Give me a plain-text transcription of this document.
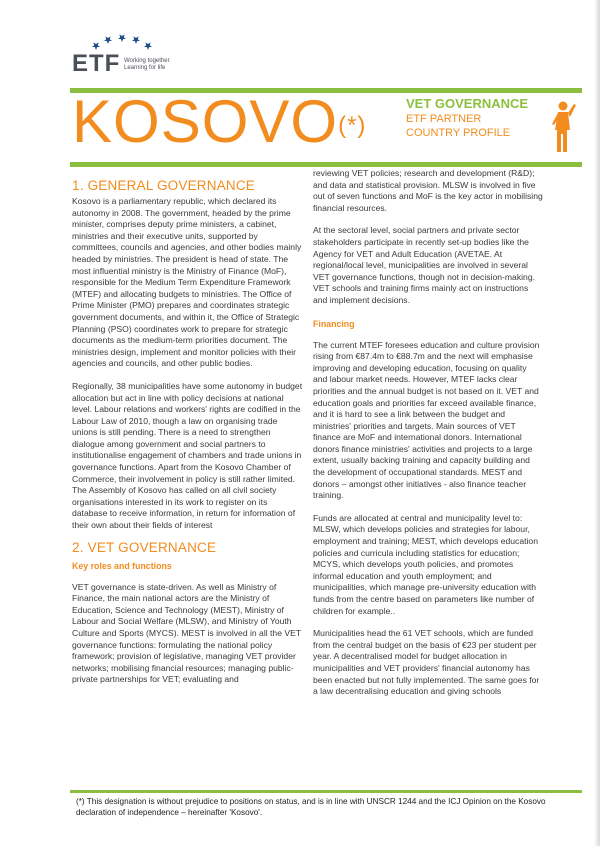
ETF Working together
Learning for life
KOSOVO(*)
VET GOVERNANCE
ETF PARTNER
COUNTRY PROFILE
1. GENERAL GOVERNANCE

Kosovo is a parliamentary republic, which declared its autonomy in 2008. The government, headed by the prime minister, comprises deputy prime ministers, a cabinet, ministries and their executive units, supported by committees, councils and agencies, and other bodies mainly headed by ministries. The president is head of state. The most influential ministry is the Ministry of Finance (MoF), responsible for the Medium Term Expenditure Framework (MTEF) and allocating budgets to ministries. The Office of Prime Minister (PMO) prepares and coordinates strategic government documents, and within it, the Office of Strategic Planning (PSO) coordinates work to prepare for strategic documents as the medium-term priorities document. The ministries design, implement and monitor policies with their agencies and councils, and other public bodies.

Regionally, 38 municipalities have some autonomy in budget allocation but act in line with policy decisions at national level. Labour relations and workers' rights are codified in the Labour Law of 2010, though a law on organising trade unions is still pending. There is a need to strengthen dialogue among government and social partners to institutionalise engagement of chambers and trade unions in governance functions. Apart from the Kosovo Chamber of Commerce, their involvement in policy is still rather limited. The Assembly of Kosovo has called on all civil society organisations interested in its work to register on its database to receive information, in return for information of their own about their fields of interest

2. VET GOVERNANCE
Key roles and functions

VET governance is state-driven. As well as Ministry of Finance, the main national actors are the Ministry of Education, Science and Technology (MEST), Ministry of Labour and Social Welfare (MLSW), and Ministry of Youth Culture and Sports (MYCS). MEST is involved in all the VET governance functions: formulating the national policy framework; provision of legislative, managing VET provider networks; mobilising financial resources; managing public-private partnerships for VET; evaluating and

reviewing VET policies; research and development (R&D); and data and statistical provision. MLSW is involved in five out of seven functions and MoF is the key actor in mobilising financial resources.

At the sectoral level, social partners and private sector stakeholders participate in recently set-up bodies like the Agency for VET and Adult Education (AVETAE. At regional/local level, municipalities are involved in several VET governance functions, though not in decision-making. VET schools and training firms mainly act on instructions and implement decisions.

Financing

The current MTEF foresees education and culture provision rising from €87.4m to €88.7m and the next will emphasise improving and developing education, focusing on quality and labour market needs. However, MTEF lacks clear priorities and the annual budget is not based on it. VET and education goals and priorities far exceed available finance, and it is hard to see a link between the budget and ministries' priorities and targets. Main sources of VET finance are MoF and international donors. International donors finance ministries' activities and projects to a large extent, usually backing training and capacity building and the development of occupational standards. MEST and donors – amongst other initiatives - also finance teacher training.

Funds are allocated at central and municipality level to: MLSW, which develops policies and strategies for labour, employment and training; MEST, which develops education policies and curricula including statistics for education; MCYS, which develops youth policies, and promotes informal education and youth employment; and municipalities, which manage pre-university education with funds from the centre based on parameters like number of children for example..

Municipalities head the 61 VET schools, which are funded from the central budget on the basis of €23 per student per year. A decentralised model for budget allocation in municipalities and VET providers' financial autonomy has been enacted but not fully implemented. The same goes for a law decentralising education and giving schools

(*) This designation is without prejudice to positions on status, and is in line with UNSCR 1244 and the ICJ Opinion on the Kosovo declaration of independence – hereinafter 'Kosovo'.
